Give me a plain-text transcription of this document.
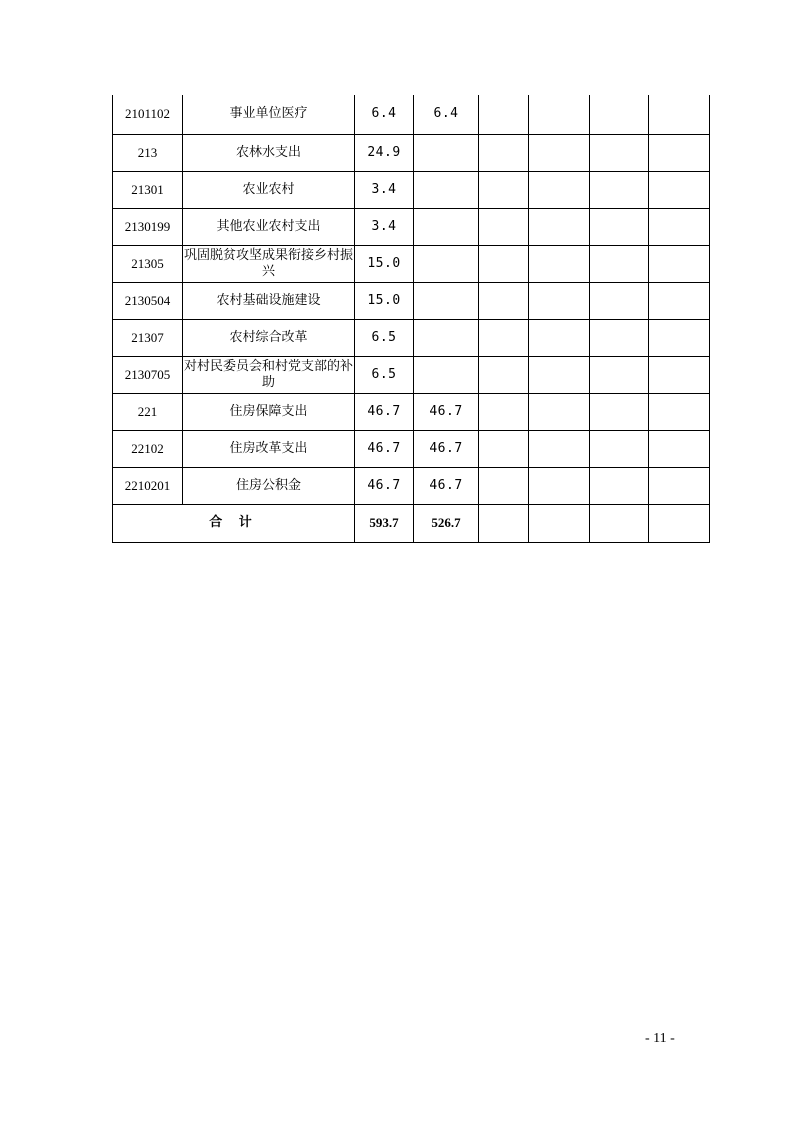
2101102	事业单位医疗	6.4	6.4				
213	农林水支出	24.9					
21301	农业农村	3.4					
2130199	其他农业农村支出	3.4					
21305	巩固脱贫攻坚成果衔接乡村振兴	15.0					
2130504	农村基础设施建设	15.0					
21307	农村综合改革	6.5					
2130705	对村民委员会和村党支部的补助	6.5					
221	住房保障支出	46.7	46.7				
22102	住房改革支出	46.7	46.7				
2210201	住房公积金	46.7	46.7				
合 计		593.7	526.7				
- 11 -
